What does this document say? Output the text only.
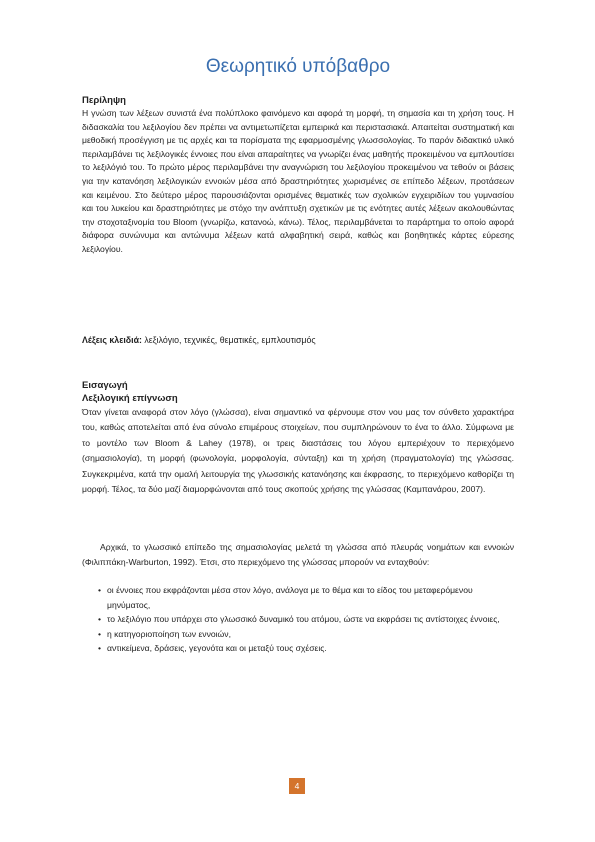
Θεωρητικό υπόβαθρο

Περίληψη

Η γνώση των λέξεων συνιστά ένα πολύπλοκο φαινόμενο και αφορά τη μορφή, τη σημασία και τη χρήση τους. Η διδασκαλία του λεξιλογίου δεν πρέπει να αντιμετωπίζεται εμπειρικά και περιστασιακά. Απαιτείται συστηματική και μεθοδική προσέγγιση με τις αρχές και τα πορίσματα της εφαρμοσμένης γλωσσολογίας. Το παρόν διδακτικό υλικό περιλαμβάνει τις λεξιλογικές έννοιες που είναι απαραίτητες να γνωρίζει ένας μαθητής προκειμένου να εμπλουτίσει το λεξιλόγιό του. Το πρώτο μέρος περιλαμβάνει την αναγνώριση του λεξιλογίου προκειμένου να τεθούν οι βάσεις για την κατανόηση λεξιλογικών εννοιών μέσα από δραστηριότητες χωρισμένες σε επίπεδο λέξεων, προτάσεων και κειμένου. Στο δεύτερο μέρος παρουσιάζονται ορισμένες θεματικές των σχολικών εγχειριδίων του γυμνασίου και του λυκείου και δραστηριότητες με στόχο την ανάπτυξη σχετικών με τις ενότητες αυτές λέξεων ακολουθώντας την στοχοταξινομία του Bloom (γνωρίζω, κατανοώ, κάνω). Τέλος, περιλαμβάνεται το παράρτημα το οποίο αφορά διάφορα συνώνυμα και αντώνυμα λέξεων κατά αλφαβητική σειρά, καθώς και βοηθητικές κάρτες εύρεσης λεξιλογίου.

Λέξεις κλειδιά: λεξιλόγιο, τεχνικές, θεματικές, εμπλουτισμός

Εισαγωγή

Λεξιλογική επίγνωση

Όταν γίνεται αναφορά στον λόγο (γλώσσα), είναι σημαντικό να φέρνουμε στον νου μας τον σύνθετο χαρακτήρα του, καθώς αποτελείται από ένα σύνολο επιμέρους στοιχείων, που συμπληρώνουν το ένα το άλλο. Σύμφωνα με το μοντέλο των Bloom & Lahey (1978), οι τρεις διαστάσεις του λόγου εμπεριέχουν το περιεχόμενο (σημασιολογία), τη μορφή (φωνολογία, μορφολογία, σύνταξη) και τη χρήση (πραγματολογία) της γλώσσας. Συγκεκριμένα, κατά την ομαλή λειτουργία της γλωσσικής κατανόησης και έκφρασης, το περιεχόμενο καθορίζει τη μορφή. Τέλος, τα δύο μαζί διαμορφώνονται από τους σκοπούς χρήσης της γλώσσας (Καμπανάρου, 2007).

Αρχικά, το γλωσσικό επίπεδο της σημασιολογίας μελετά τη γλώσσα από πλευράς νοημάτων και εννοιών (Φιλιππάκη-Warburton, 1992). Έτσι, στο περιεχόμενο της γλώσσας μπορούν να ενταχθούν:

• οι έννοιες που εκφράζονται μέσα στον λόγο, ανάλογα με το θέμα και το είδος του μεταφερόμενου μηνύματος,
• το λεξιλόγιο που υπάρχει στο γλωσσικό δυναμικό του ατόμου, ώστε να εκφράσει τις αντίστοιχες έννοιες,
• η κατηγοριοποίηση των εννοιών,
• αντικείμενα, δράσεις, γεγονότα και οι μεταξύ τους σχέσεις.
4
